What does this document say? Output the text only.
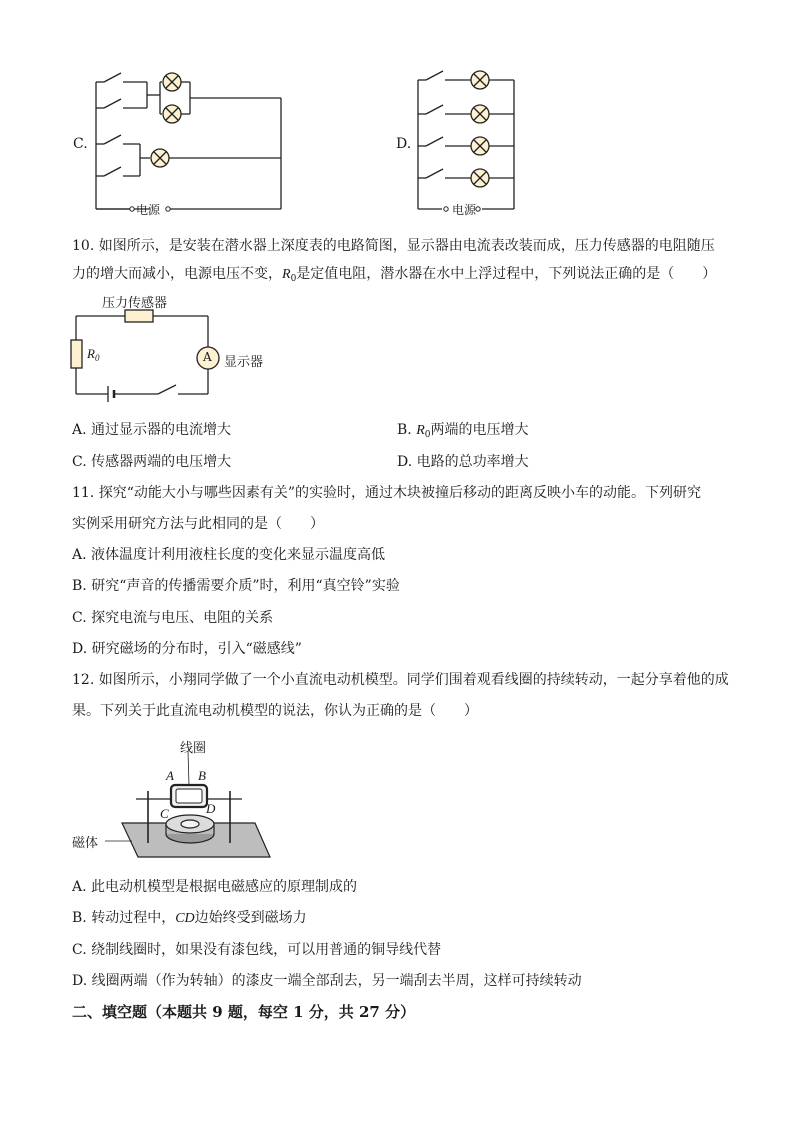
C.
电源
D.
电源
10. 如图所示，是安装在潜水器上深度表的电路简图，显示器由电流表改装而成，压力传感器的电阻随压
力的增大而减小，电源电压不变，$R_0$是定值电阻，潜水器在水中上浮过程中，下列说法正确的是（　　）
压力传感器
$R_0$	A 显示器
A. 通过显示器的电流增大	B. $R_0$两端的电压增大
C. 传感器两端的电压增大	D. 电路的总功率增大
11. 探究“动能大小与哪些因素有关”的实验时，通过木块被撞后移动的距离反映小车的动能。下列研究
实例采用研究方法与此相同的是（　　）
A. 液体温度计利用液柱长度的变化来显示温度高低
B. 研究“声音的传播需要介质”时，利用“真空铃”实验
C. 探究电流与电压、电阻的关系
D. 研究磁场的分布时，引入“磁感线”
12. 如图所示，小翔同学做了一个小直流电动机模型。同学们围着观看线圈的持续转动，一起分享着他的成
果。下列关于此直流电动机模型的说法，你认为正确的是（　　）
线圈
A B
C	D
磁体
A. 此电动机模型是根据电磁感应的原理制成的
B. 转动过程中，CD边始终受到磁场力
C. 绕制线圈时，如果没有漆包线，可以用普通的铜导线代替
D. 线圈两端（作为转轴）的漆皮一端全部刮去，另一端刮去半周，这样可持续转动
二、填空题（本题共 9 题，每空 1 分，共 27 分）
